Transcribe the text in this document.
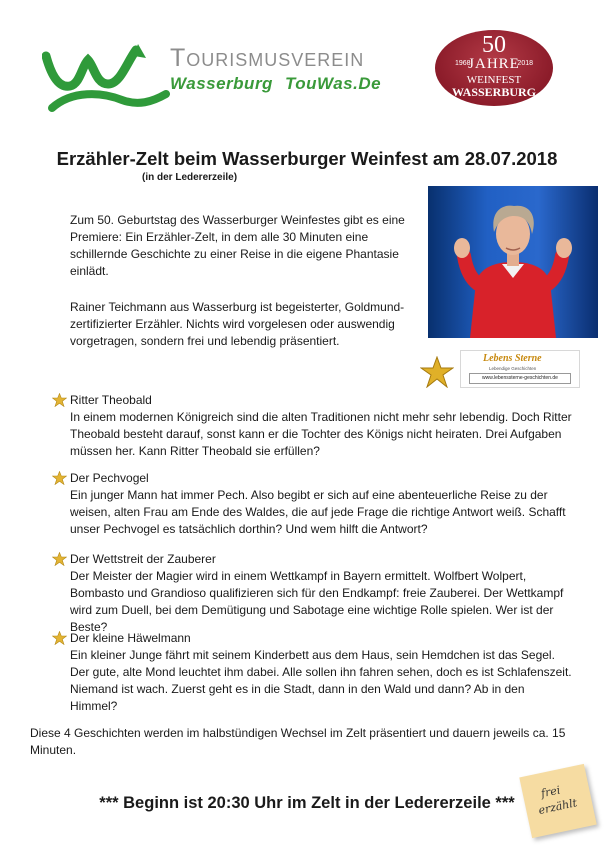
Tourismusverein
Wasserburg TouWas.De
50
JAHRE
1968	2018
WEINFEST
WASSERBURG
Erzähler-Zelt beim Wasserburger Weinfest am 28.07.2018
(in der Ledererzeile)
Zum 50. Geburtstag des Wasserburger Weinfestes gibt es eine Premiere: Ein Erzähler-Zelt, in dem alle 30 Minuten eine schillernde Geschichte zu einer Reise in die eigene Phantasie einlädt.
Rainer Teichmann aus Wasserburg ist begeisterter, Goldmund-zertifizierter Erzähler. Nichts wird vorgelesen oder auswendig vorgetragen, sondern frei und lebendig präsentiert.
Lebens Sterne
Lebendige Geschichten
www.lebenssterne-geschichten.de
Ritter Theobald
In einem modernen Königreich sind die alten Traditionen nicht mehr sehr lebendig. Doch Ritter Theobald besteht darauf, sonst kann er die Tochter des Königs nicht heiraten. Drei Aufgaben müssen her. Kann Ritter Theobald sie erfüllen?
Der Pechvogel
Ein junger Mann hat immer Pech. Also begibt er sich auf eine abenteuerliche Reise zu der weisen, alten Frau am Ende des Waldes, die auf jede Frage die richtige Antwort weiß. Schafft unser Pechvogel es tatsächlich dorthin? Und wem hilft die Antwort?
Der Wettstreit der Zauberer
Der Meister der Magier wird in einem Wettkampf in Bayern ermittelt. Wolfbert Wolpert, Bombasto und Grandioso qualifizieren sich für den Endkampf: freie Zauberei. Der Wettkampf wird zum Duell, bei dem Demütigung und Sabotage eine wichtige Rolle spielen. Wer ist der Beste?
Der kleine Häwelmann
Ein kleiner Junge fährt mit seinem Kinderbett aus dem Haus, sein Hemdchen ist das Segel. Der gute, alte Mond leuchtet ihm dabei. Alle sollen ihn fahren sehen, doch es ist Schlafenszeit. Niemand ist wach. Zuerst geht es in die Stadt, dann in den Wald und dann? Ab in den Himmel?
Diese 4 Geschichten werden im halbstündigen Wechsel im Zelt präsentiert und dauern jeweils ca. 15 Minuten.
*** Beginn ist 20:30 Uhr im Zelt in der Ledererzeile ***
frei
erzählt
